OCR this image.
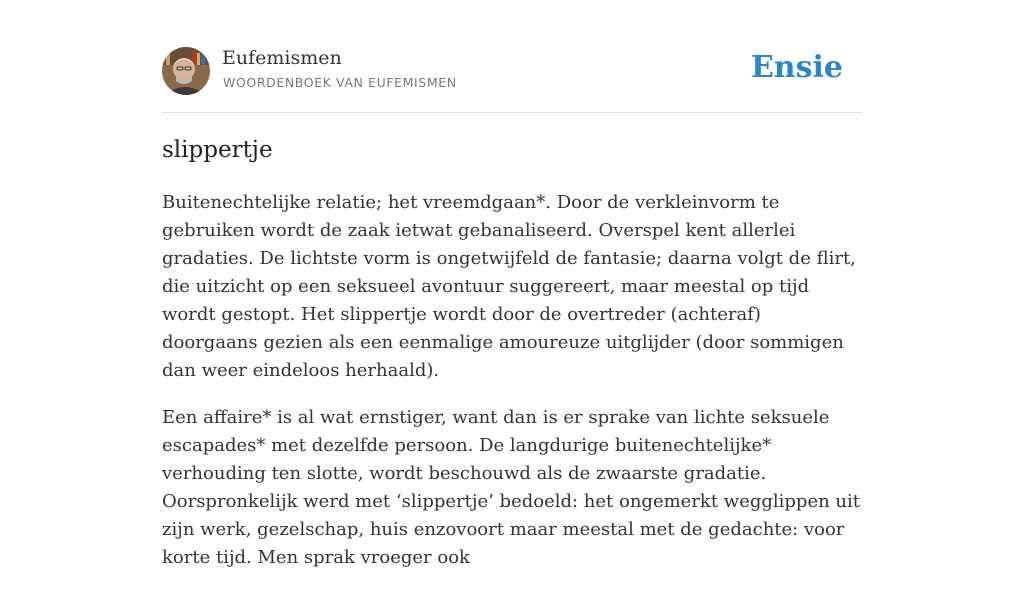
Eufemismen
WOORDENBOEK VAN EUFEMISMEN	Ensie
slippertje

Buitenechtelijke relatie; het vreemdgaan*. Door de verkleinvorm te gebruiken wordt de zaak ietwat gebanaliseerd. Overspel kent allerlei gradaties. De lichtste vorm is ongetwijfeld de fantasie; daarna volgt de flirt, die uitzicht op een seksueel avontuur suggereert, maar meestal op tijd wordt gestopt. Het slippertje wordt door de overtreder (achteraf) doorgaans gezien als een eenmalige amoureuze uitglijder (door sommigen dan weer eindeloos herhaald).

Een affaire* is al wat ernstiger, want dan is er sprake van lichte seksuele escapades* met dezelfde persoon. De langdurige buitenechtelijke* verhouding ten slotte, wordt beschouwd als de zwaarste gradatie. Oorspronkelijk werd met ‘slippertje’ bedoeld: het ongemerkt wegglippen uit zijn werk, gezelschap, huis enzovoort maar meestal met de gedachte: voor korte tijd. Men sprak vroeger ook
